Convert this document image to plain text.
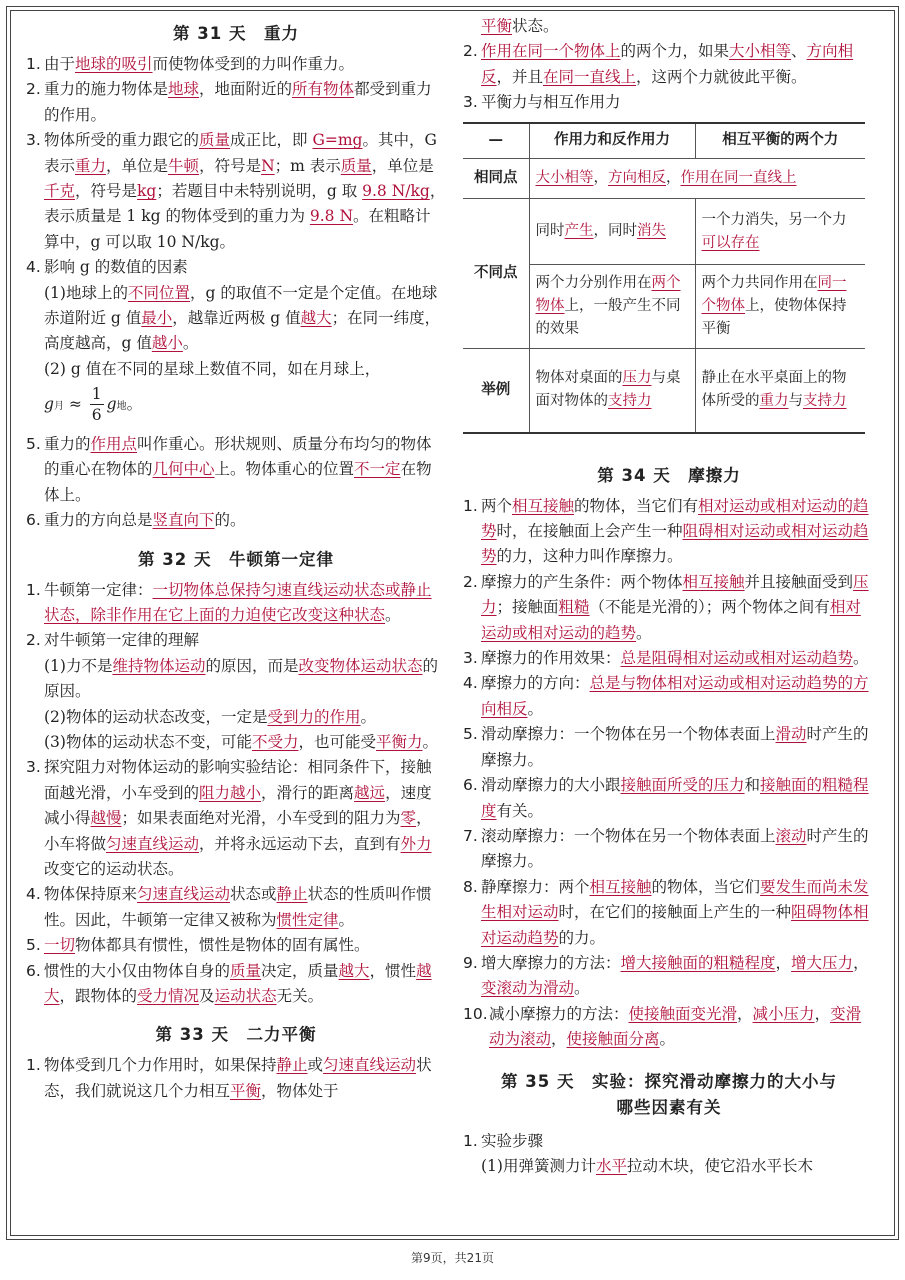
第 31 天　重力

1. 由于地球的吸引而使物体受到的力叫作重力。

2. 重力的施力物体是地球，地面附近的所有物体都受到重力的作用。

3. 物体所受的重力跟它的质量成正比，即 G=mg。其中，G 表示重力，单位是牛顿，符号是N；m 表示质量，单位是千克，符号是kg；若题目中未特别说明，g 取 9.8 N/kg，表示质量是 1 kg 的物体受到的重力为 9.8 N。在粗略计算中，g 可以取 10 N/kg。

4. 影响 g 的数值的因素

(1)地球上的不同位置，g 的取值不一定是个定值。在地球赤道附近 g 值最小，越靠近两极 g 值越大；在同一纬度，高度越高，g 值越小。

(2) g 值在不同的星球上数值不同，如在月球上，
g月 ≈ $\frac{1}{6}$ g地。

5. 重力的作用点叫作重心。形状规则、质量分布均匀的物体的重心在物体的几何中心上。物体重心的位置不一定在物体上。

6. 重力的方向总是竖直向下的。

第 32 天　牛顿第一定律

1. 牛顿第一定律：一切物体总保持匀速直线运动状态或静止状态，除非作用在它上面的力迫使它改变这种状态。

2. 对牛顿第一定律的理解

(1)力不是维持物体运动的原因，而是改变物体运动状态的原因。

(2)物体的运动状态改变，一定是受到力的作用。

(3)物体的运动状态不变，可能不受力，也可能受平衡力。

3. 探究阻力对物体运动的影响实验结论：相同条件下，接触面越光滑，小车受到的阻力越小，滑行的距离越远，速度减小得越慢；如果表面绝对光滑，小车受到的阻力为零，小车将做匀速直线运动，并将永远运动下去，直到有外力改变它的运动状态。

4. 物体保持原来匀速直线运动状态或静止状态的性质叫作惯性。因此，牛顿第一定律又被称为惯性定律。

5. 一切物体都具有惯性，惯性是物体的固有属性。

6. 惯性的大小仅由物体自身的质量决定，质量越大，惯性越大，跟物体的受力情况及运动状态无关。

第 33 天　二力平衡

1. 物体受到几个力作用时，如果保持静止或匀速直线运动状态，我们就说这几个力相互平衡，物体处于

平衡状态。

2. 作用在同一个物体上的两个力，如果大小相等、方向相反，并且在同一直线上，这两个力就彼此平衡。

3. 平衡力与相互作用力

—	作用力和反作用力	相互平衡的两个力
相同点	大小相等，方向相反，作用在同一直线上	
不同点	同时产生，同时消失	一个力消失，另一个力可以存在
	两个力分别作用在两个物体上，一般产生不同的效果	两个力共同作用在同一个物体上，使物体保持平衡
举例	物体对桌面的压力与桌面对物体的支持力	静止在水平桌面上的物体所受的重力与支持力
第 34 天　摩擦力

1. 两个相互接触的物体，当它们有相对运动或相对运动的趋势时，在接触面上会产生一种阻碍相对运动或相对运动趋势的力，这种力叫作摩擦力。

2. 摩擦力的产生条件：两个物体相互接触并且接触面受到压力；接触面粗糙（不能是光滑的）；两个物体之间有相对运动或相对运动的趋势。

3. 摩擦力的作用效果：总是阻碍相对运动或相对运动趋势。

4. 摩擦力的方向：总是与物体相对运动或相对运动趋势的方向相反。

5. 滑动摩擦力：一个物体在另一个物体表面上滑动时产生的摩擦力。

6. 滑动摩擦力的大小跟接触面所受的压力和接触面的粗糙程度有关。

7. 滚动摩擦力：一个物体在另一个物体表面上滚动时产生的摩擦力。

8. 静摩擦力：两个相互接触的物体，当它们要发生而尚未发生相对运动时，在它们的接触面上产生的一种阻碍物体相对运动趋势的力。

9. 增大摩擦力的方法：增大接触面的粗糙程度，增大压力，变滚动为滑动。

10.减小摩擦力的方法：使接触面变光滑，减小压力，变滑动为滚动，使接触面分离。

第 35 天　实验：探究滑动摩擦力的大小与
哪些因素有关

1. 实验步骤

(1)用弹簧测力计水平拉动木块，使它沿水平长木

第9页，共21页
